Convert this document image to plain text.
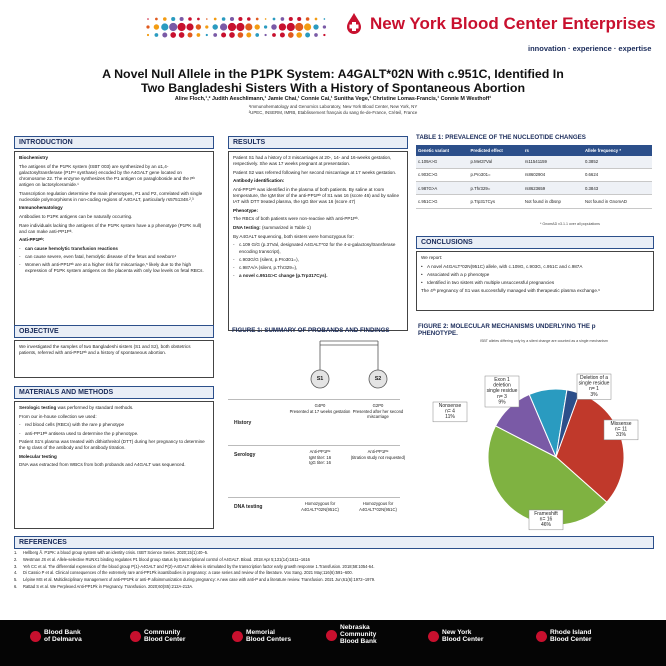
New York Blood Center Enterprises
innovation · experience · expertise
A Novel Null Allele in the P1PK System: A4GALT*02N With c.951C, Identified In
Two Bangladeshi Sisters With a History of Spontaneous Abortion
Aline Floch,¹,² Judith Aeschlimann,¹ Jamie Chai,¹ Connie Cai,¹ Sunitha Vege,¹ Christine Lomas-Francis,¹ Connie M Westhoff¹
¹Immunohematology and Genomics Laboratory, New York Blood Center, New York, NY
²UPEC, INSERM, IMRB, Etablissement français du sang Ile-de-France, Créteil, France
INTRODUCTION

Biochemistry

The antigens of the P1PK system (ISBT 003) are synthesized by an α1,4-galactosyltransferase (P1P⁴ synthase) encoded by the A4GALT gene located on chromosome 22. The enzyme synthesizes the P1 antigen on paragloboside and the Pᵏ antigen on lactosylceramide.¹

Transcription regulation determine the main phenotypes, P1 and P2, correlated with single nucleotide polymorphisms in non-coding regions of A4GALT, particularly rs5751348.²,³

Immunohematology

Antibodies to P1PK antigens can be naturally occurring.

Rare individuals lacking the antigens of the P1PK system have a p phenotype (P1PK null) and can make anti-PP1Pᵏ.

Anti-PP1Pᵏ:

- can cause hemolytic transfusion reactions
- can cause severe, even fatal, hemolytic disease of the fetus and newborn⁴
- Women with anti-PP1Pᵏ are at a higher risk for miscarriage,⁵ likely due to the high expression of P1PK system antigens on the placenta with only low levels on fetal RBCs.
OBJECTIVE

We investigated the samples of two Bangladeshi sisters (S1 and S2), both obstetrics patients, referred with anti-PP1Pᵏ and a history of spontaneous abortion.

MATERIALS AND METHODS

Serologic testing was performed by standard methods.

From our in-house collection we used:

- red blood cells (RBCs) with the rare p phenotype
- anti-PP1Pᵏ antisera used to determine the p phenotype.

Patient S1's plasma was treated with dithiothreitol (DTT) during her pregnancy to determine the Ig class of the antibody and for antibody titration.

Molecular testing

DNA was extracted from WBCs from both probands and A4GALT was sequenced.

RESULTS

Patient S1 had a history of 3 miscarriages at 20-, 14- and 16-weeks gestation, respectively. She was 17 weeks pregnant at presentation.

Patient S2 was referred following her second miscarriage at 17 weeks gestation.

Antibody identification:

Anti-PP1Pᵏ was identified in the plasma of both patients. By saline at room temperature, the IgM titer of the anti-PP1Pᵏ of S1 was 16 (score 46) and by saline IAT with DTT treated plasma, the IgG titer was 16 (score 47)

Phenotype:

The RBCs of both patients were non-reactive with anti-PP1Pᵏ.

DNA testing: (summarized in Table 1)

By A4GALT sequencing, both sisters were homozygous for:

- c.109 G/G (p.37Val, designated A4GALT*02 for the 4-α-galactosyltransferase encoding transcript),
- c.903G/G (silent, p.Pro301=),
- c.987A/A (silent, p.Thr329=),
- a novel c.951G>C change (p.Trp317Cys).
FIGURE 1: SUMMARY OF PROBANDS AND FINDINGS
S1	S2
History
G4P0
Presented at 17 weeks gestation
G2P0
Presented after her second miscarriage
Serology
Anti-PP1Pᵏ
IgM titer: 16
IgG titer: 16
Anti-PP1Pᵏ
(titration study not requested)
DNA testing
Homozygous for A4GALT*02N(951C)
Homozygous for A4GALT*02N(951C)
TABLE 1: PREVALENCE OF THE NUCLEOTIDE CHANGES
Genetic variant	Predicted effect	rs	Allele frequency *
c.109A>G	p.Met37Val	rs11541159	0.3852
c.903C>G	p.Pro301=	rs8602904	0.6624
c.987G>A	p.Thr329=	rs8623659	0.3843
c.951C>G	p.Trp317Cys	Not found in dbsnp	Not found in GnomAD
* GnomAD v3.1.1 over all populations
CONCLUSIONS

We report:

• A novel A4GALT*02N(951C) allele, with c.109G, c.903G, c.951C and c.987A
• Associated with a p phenotype
• Identified in two sisters with multiple unsuccessful pregnancies

The 4ᵗʰ pregnancy of S1 was successfully managed with therapeutic plasma exchange.⁶

FIGURE 2: MOLECULAR MECHANISMS UNDERLYING THE p
PHENOTYPE.
ISBT alleles differing only by a silent change are counted as a single mechanism
Missense
n= 11
31%
Frameshift
n= 16
46%
Nonsense
n= 4
11%
Exon 1
deletion
single residue
n= 3
9%
Deletion of a
single residue
n= 1
3%
REFERENCES
1. Hellberg Å. P1PK: a blood group system with an identity crisis. ISBT Science Series. 2020;15(1):40–5.
2. Westman JS et al. Allele-selective RUNX1 binding regulates P1 blood group status by transcriptional control of A4GALT. Blood. 2018 Apr 5;131(14):1611–1616
3. Yeh CC et al. The differential expression of the blood group P(1)-A4GALT and P(2)-A4GALT alleles is stimulated by the transcription factor early growth response 1.Transfusion. 2018;58:1054-64.
4. Di Cassio P et al. Clinical consequences of the extremely rare anti-PP1Pk isoantibodies in pregnancy: a case series and review of the literature. Vox Sang. 2021 May;116(6):591–600.
5. Lépine MS et al. Multidisciplinary management of anti-PP1Pk or anti-P alloimmunization during pregnancy: A new case with anti-P and a literature review. Transfusion. 2021 Jun;61(6):1972–1979.
6. Rattad S et al. We Perplexed Anti-PP1Pk in Pregnancy. Transfusion. 2020;60(S5):212A-213A.
Blood Bank
of Delmarva
Community
Blood Center
Memorial
Blood Centers
Nebraska
Community
Blood Bank
New York
Blood Center
Rhode Island
Blood Center
